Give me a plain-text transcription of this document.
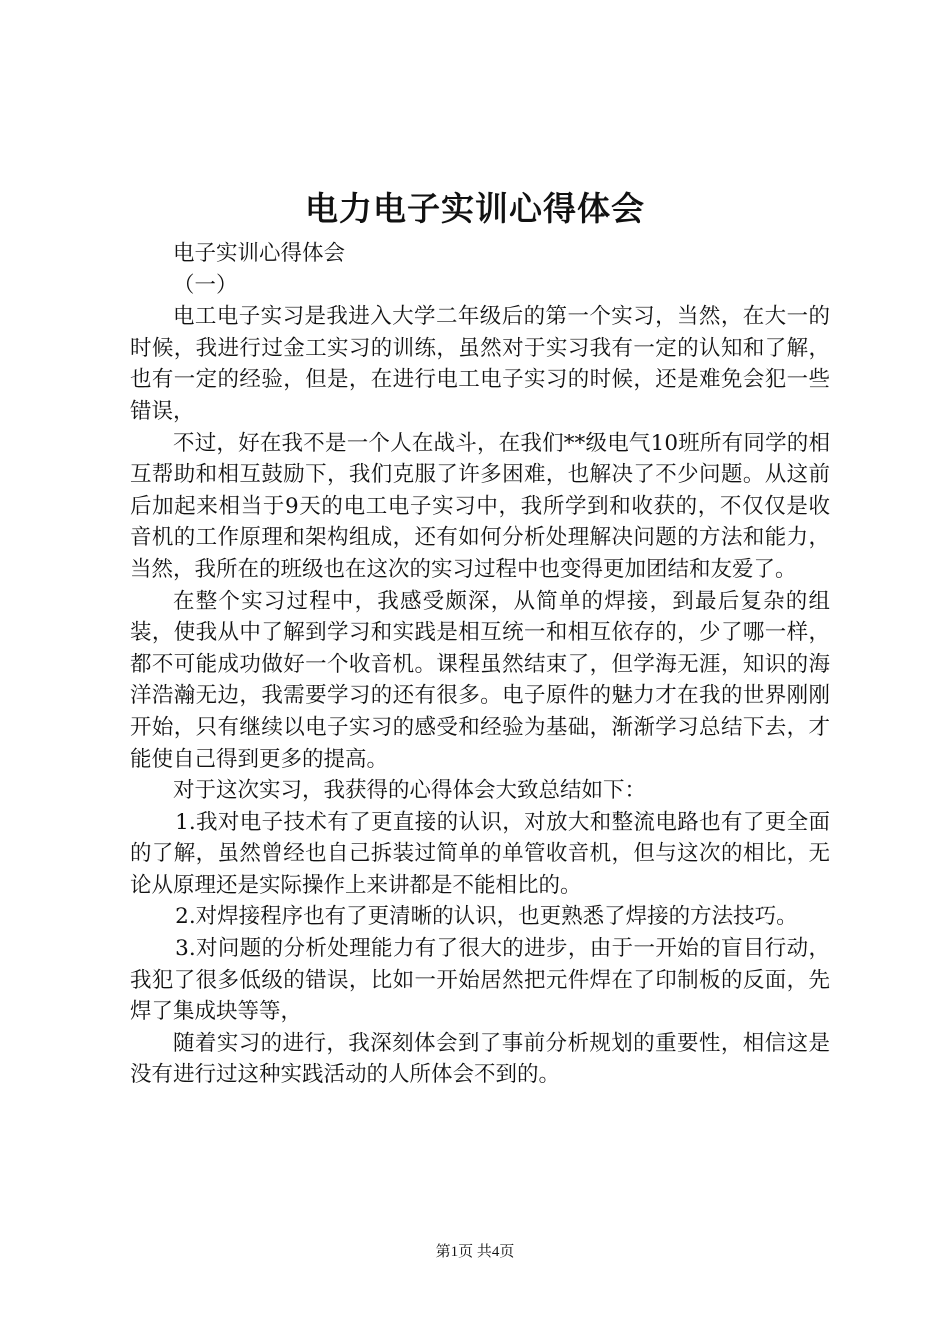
电力电子实训心得体会

电子实训心得体会

（一）

电工电子实习是我进入大学二年级后的第一个实习，当然，在大一的时候，我进行过金工实习的训练，虽然对于实习我有一定的认知和了解，也有一定的经验，但是，在进行电工电子实习的时候，还是难免会犯一些错误，

不过，好在我不是一个人在战斗，在我们**级电气10班所有同学的相互帮助和相互鼓励下，我们克服了许多困难，也解决了不少问题。从这前后加起来相当于9天的电工电子实习中，我所学到和收获的，不仅仅是收音机的工作原理和架构组成，还有如何分析处理解决问题的方法和能力，当然，我所在的班级也在这次的实习过程中也变得更加团结和友爱了。

在整个实习过程中，我感受颇深，从简单的焊接，到最后复杂的组装，使我从中了解到学习和实践是相互统一和相互依存的，少了哪一样，都不可能成功做好一个收音机。课程虽然结束了，但学海无涯，知识的海洋浩瀚无边，我需要学习的还有很多。电子原件的魅力才在我的世界刚刚开始，只有继续以电子实习的感受和经验为基础，渐渐学习总结下去，才能使自己得到更多的提高。

对于这次实习，我获得的心得体会大致总结如下：

1.我对电子技术有了更直接的认识，对放大和整流电路也有了更全面的了解，虽然曾经也自己拆装过简单的单管收音机，但与这次的相比，无论从原理还是实际操作上来讲都是不能相比的。

2.对焊接程序也有了更清晰的认识，也更熟悉了焊接的方法技巧。

3.对问题的分析处理能力有了很大的进步，由于一开始的盲目行动，我犯了很多低级的错误，比如一开始居然把元件焊在了印制板的反面，先焊了集成块等等，

随着实习的进行，我深刻体会到了事前分析规划的重要性，相信这是没有进行过这种实践活动的人所体会不到的。

第1页 共4页
